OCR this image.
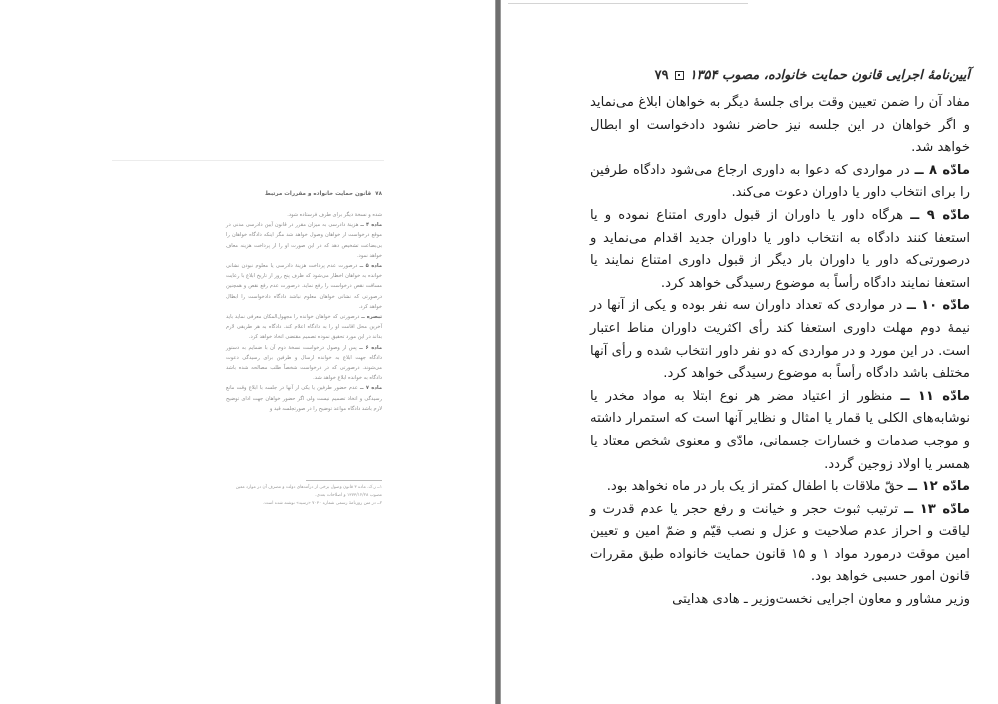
۷۸
قانون حمایت خانواده و مقررات مرتبط

شده و نسخهٔ دیگر برای طرف فرستاده شود.

ماده ۴ ــ هزینهٔ دادرسی به میزان مقرر در قانون آیین دادرسی مدنی در موقع درخواست از خواهان وصول خواهد شد مگر اینکه دادگاه خواهان را بی‌بضاعت تشخیص دهد که در این صورت او را از پرداخت هزینه معاف خواهد نمود.

ماده ۵ ــ درصورت عدم پرداخت هزینهٔ دادرسی یا معلوم نبودن نشانی خوانده به خواهان اخطار می‌شود که ظرف پنج روز از تاریخ ابلاغ با رعایت مسافت نقص درخواست را رفع نماید. درصورت عدم رفع نقص و همچنین درصورتی که نشانی خواهان معلوم نباشد دادگاه دادخواست را ابطال خواهد کرد.

تبصره ــ درصورتی که خواهان خوانده را مجهول‌المکان معرفی نماید باید آخرین محل اقامت او را به دادگاه اعلام کند. دادگاه به هر طریقی لازم بداند در این مورد تحقیق نموده تصمیم مقتضی اتخاذ خواهد کرد.

ماده ۶ ــ پس از وصول درخواست نسخهٔ دوم آن با ضمایم به دستور دادگاه جهت ابلاغ به خوانده ارسال و طرفین برای رسیدگی دعوت می‌شوند. درصورتی که در درخواست شخصاً طلب مصالحه شده باشد دادگاه به خوانده ابلاغ خواهد شد.

ماده ۷ ــ عدم حضور طرفین یا یکی از آنها در جلسه با ابلاغ وقت مانع رسیدگی و اتخاذ تصمیم نیست ولی اگر حضور خواهان جهت ادای توضیح لازم باشد دادگاه مواعد توضیح را در صورتجلسه قید و

۱ــ ر.ک. ماده ۳ قانون وصول برخی از درآمدهای دولت و مصرف آن در موارد معین مصوب ۱۳۷۳/۱۲/۲۸ و اصلاحات بعدی.

۲ــ در متن روزنامهٔ رسمی شماره ۷۰۳۰ «رسید» نوشته شده است.

آیین‌نامهٔ اجرایی قانون حمایت خانواده، مصوب ۱۳۵۴
۷۹

مفاد آن را ضمن تعیین وقت برای جلسهٔ دیگر به خواهان ابلاغ می‌نماید و اگر خواهان در این جلسه نیز حاضر نشود دادخواست او ابطال خواهد شد.

مادّه ۸ ــ در مواردی که دعوا به داوری ارجاع می‌شود دادگاه طرفین را برای انتخاب داور یا داوران دعوت می‌کند.

مادّه ۹ ــ هرگاه داور یا داوران از قبول داوری امتناع نموده و یا استعفا کنند دادگاه به انتخاب داور یا داوران جدید اقدام می‌نماید و درصورتی‌که داور یا داوران بار دیگر از قبول داوری امتناع نمایند یا استعفا نمایند دادگاه رأساً به موضوع رسیدگی خواهد کرد.

مادّه ۱۰ ــ در مواردی که تعداد داوران سه نفر بوده و یکی از آنها در نیمهٔ دوم مهلت داوری استعفا کند رأی اکثریت داوران مناط اعتبار است. در این مورد و در مواردی که دو نفر داور انتخاب شده و رأی آنها مختلف باشد دادگاه رأساً به موضوع رسیدگی خواهد کرد.

مادّه ۱۱ ــ منظور از اعتیاد مضر هر نوع ابتلا به مواد مخدر یا نوشابه‌های الکلی یا قمار یا امثال و نظایر آنها است که استمرار داشته و موجب صدمات و خسارات جسمانی، مادّی و معنوی شخص معتاد یا همسر یا اولاد زوجین گردد.

مادّه ۱۲ ــ حقّ ملاقات با اطفال کمتر از یک بار در ماه نخواهد بود.

مادّه ۱۳ ــ ترتیب ثبوت حجر و خیانت و رفع حجر یا عدم قدرت و لیاقت و احراز عدم صلاحیت و عزل و نصب قیّم و ضمّ امین و تعیین امین موقت درمورد مواد ۱ و ۱۵ قانون حمایت خانواده طبق مقررات قانون امور حسبی خواهد بود.

وزیر مشاور و معاون اجرایی نخست‌وزیر ـ هادی هدایتی
